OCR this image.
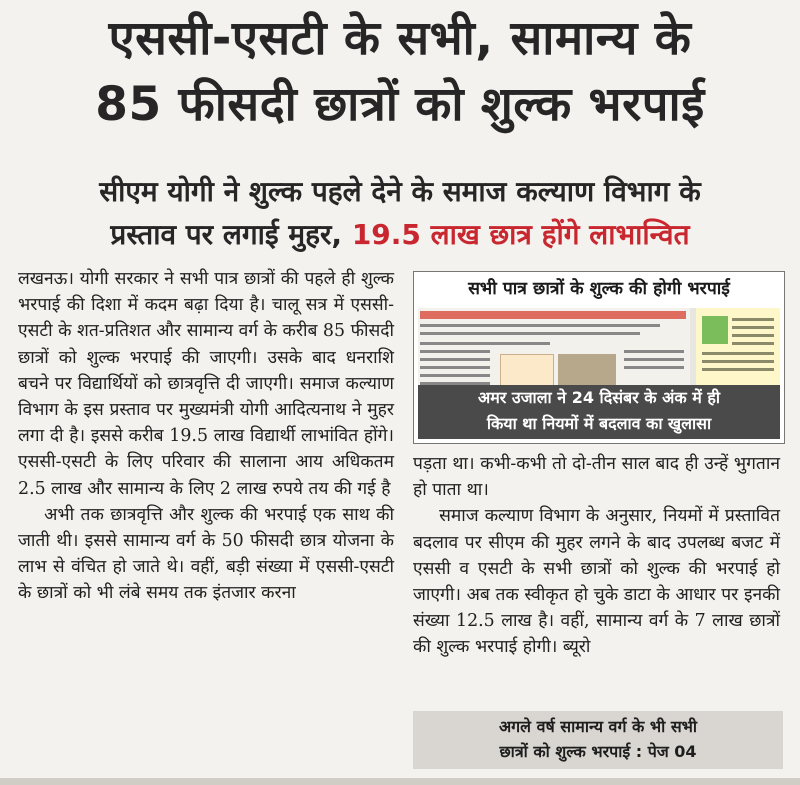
एससी-एसटी के सभी, सामान्य के
85 फीसदी छात्रों को शुल्क भरपाई
सीएम योगी ने शुल्क पहले देने के समाज कल्याण विभाग के
प्रस्ताव पर लगाई मुहर, 19.5 लाख छात्र होंगे लाभान्वित

लखनऊ। योगी सरकार ने सभी पात्र छात्रों की पहले ही शुल्क भरपाई की दिशा में कदम बढ़ा दिया है। चालू सत्र में एससी-एसटी के शत-प्रतिशत और सामान्य वर्ग के करीब 85 फीसदी छात्रों को शुल्क भरपाई की जाएगी। उसके बाद धनराशि बचने पर विद्यार्थियों को छात्रवृत्ति दी जाएगी। समाज कल्याण विभाग के इस प्रस्ताव पर मुख्यमंत्री योगी आदित्यनाथ ने मुहर लगा दी है। इससे करीब 19.5 लाख विद्यार्थी लाभांवित होंगे। एससी-एसटी के लिए परिवार की सालाना आय अधिकतम 2.5 लाख और सामान्य के लिए 2 लाख रुपये तय की गई है

अभी तक छात्रवृत्ति और शुल्क की भरपाई एक साथ की जाती थी। इससे सामान्य वर्ग के 50 फीसदी छात्र योजना के लाभ से वंचित हो जाते थे। वहीं, बड़ी संख्या में एससी-एसटी के छात्रों को भी लंबे समय तक इंतजार करना

सभी पात्र छात्रों के शुल्क की होगी भरपाई
अमर उजाला ने 24 दिसंबर के अंक में ही
किया था नियमों में बदलाव का खुलासा

पड़ता था। कभी-कभी तो दो-तीन साल बाद ही उन्हें भुगतान हो पाता था।

समाज कल्याण विभाग के अनुसार, नियमों में प्रस्तावित बदलाव पर सीएम की मुहर लगने के बाद उपलब्ध बजट में एससी व एसटी के सभी छात्रों को शुल्क की भरपाई हो जाएगी। अब तक स्वीकृत हो चुके डाटा के आधार पर इनकी संख्या 12.5 लाख है। वहीं, सामान्य वर्ग के 7 लाख छात्रों की शुल्क भरपाई होगी। ब्यूरो

अगले वर्ष सामान्य वर्ग के भी सभी
छात्रों को शुल्क भरपाई : पेज 04
